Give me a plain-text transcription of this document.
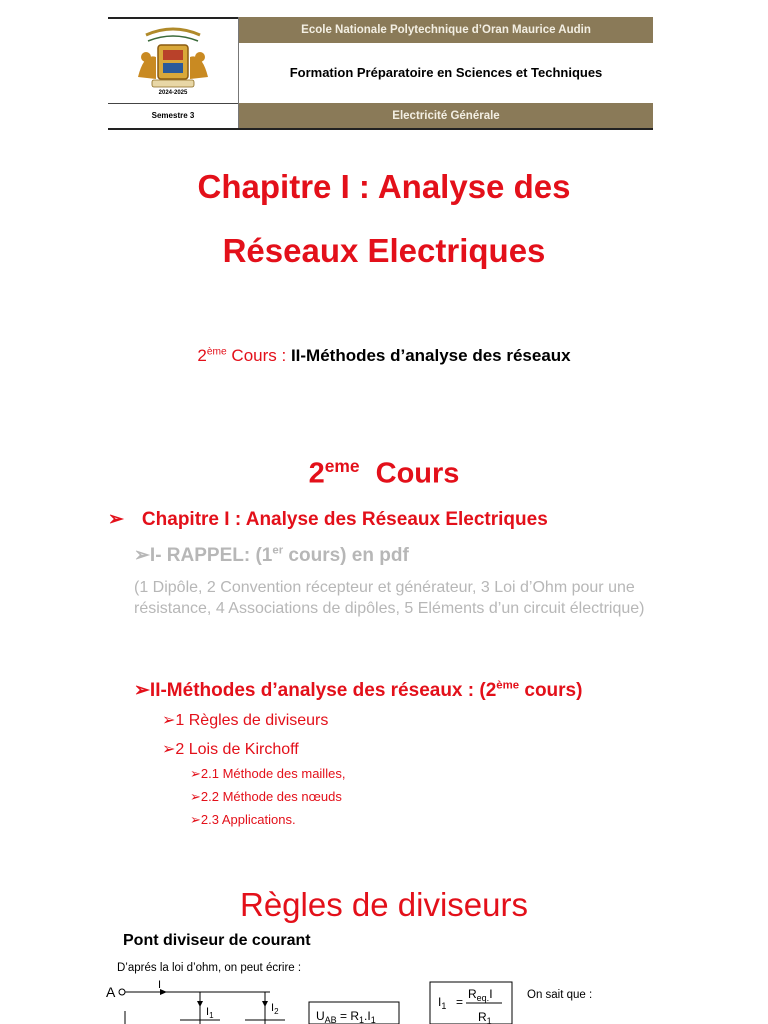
2024-2025
Ecole Nationale Polytechnique d’Oran Maurice Audin
Formation Préparatoire en Sciences et Techniques
Semestre 3	Electricité Générale
Chapitre I : Analyse des
Réseaux Electriques
2ème Cours : II-Méthodes d’analyse des réseaux
2eme  Cours
➢ Chapitre I : Analyse des Réseaux Electriques
➢I- RAPPEL: (1er cours) en pdf
(1 Dipôle, 2 Convention récepteur et générateur, 3 Loi d’Ohm pour une résistance, 4 Associations de dipôles, 5 Eléments d’un circuit électrique)
➢II-Méthodes d’analyse des réseaux : (2ème cours)
➢1 Règles de diviseurs
➢2 Lois de Kirchoff
➢2.1 Méthode des mailles,
➢2.2 Méthode des nœuds
➢2.3 Applications.
Règles de diviseurs
Pont diviseur de courant
D’aprés la loi d’ohm, on peut écrire :
On sait que :
A	I
$I_1$
$I_2$	$U_{AB} = R_1.I_1$
$I_1$ =
$R_{eq.}I$
$R_1$
